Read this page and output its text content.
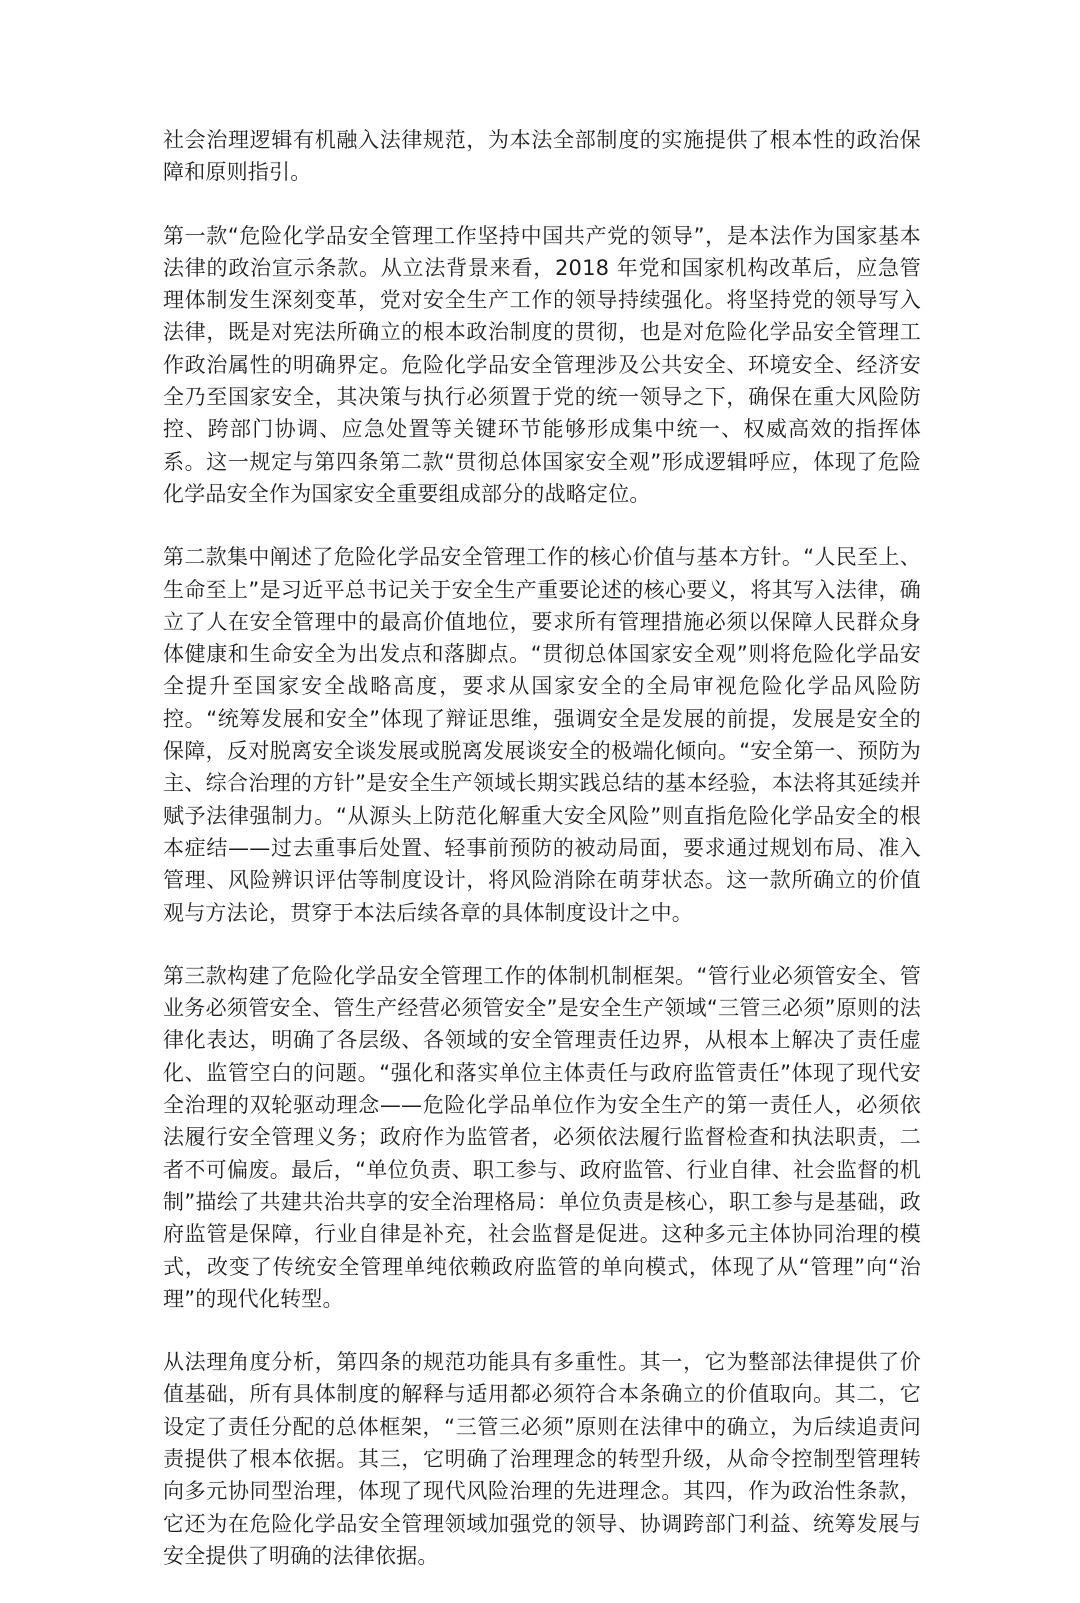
社会治理逻辑有机融入法律规范，为本法全部制度的实施提供了根本性的政治保障和原则指引。

第一款“危险化学品安全管理工作坚持中国共产党的领导”，是本法作为国家基本法律的政治宣示条款。从立法背景来看，2018 年党和国家机构改革后，应急管理体制发生深刻变革，党对安全生产工作的领导持续强化。将坚持党的领导写入法律，既是对宪法所确立的根本政治制度的贯彻，也是对危险化学品安全管理工作政治属性的明确界定。危险化学品安全管理涉及公共安全、环境安全、经济安全乃至国家安全，其决策与执行必须置于党的统一领导之下，确保在重大风险防控、跨部门协调、应急处置等关键环节能够形成集中统一、权威高效的指挥体系。这一规定与第四条第二款“贯彻总体国家安全观”形成逻辑呼应，体现了危险化学品安全作为国家安全重要组成部分的战略定位。

第二款集中阐述了危险化学品安全管理工作的核心价值与基本方针。“人民至上、生命至上”是习近平总书记关于安全生产重要论述的核心要义，将其写入法律，确立了人在安全管理中的最高价值地位，要求所有管理措施必须以保障人民群众身体健康和生命安全为出发点和落脚点。“贯彻总体国家安全观”则将危险化学品安全提升至国家安全战略高度，要求从国家安全的全局审视危险化学品风险防控。“统筹发展和安全”体现了辩证思维，强调安全是发展的前提，发展是安全的保障，反对脱离安全谈发展或脱离发展谈安全的极端化倾向。“安全第一、预防为主、综合治理的方针”是安全生产领域长期实践总结的基本经验，本法将其延续并赋予法律强制力。“从源头上防范化解重大安全风险”则直指危险化学品安全的根本症结——过去重事后处置、轻事前预防的被动局面，要求通过规划布局、准入管理、风险辨识评估等制度设计，将风险消除在萌芽状态。这一款所确立的价值观与方法论，贯穿于本法后续各章的具体制度设计之中。

第三款构建了危险化学品安全管理工作的体制机制框架。“管行业必须管安全、管业务必须管安全、管生产经营必须管安全”是安全生产领域“三管三必须”原则的法律化表达，明确了各层级、各领域的安全管理责任边界，从根本上解决了责任虚化、监管空白的问题。“强化和落实单位主体责任与政府监管责任”体现了现代安全治理的双轮驱动理念——危险化学品单位作为安全生产的第一责任人，必须依法履行安全管理义务；政府作为监管者，必须依法履行监督检查和执法职责，二者不可偏废。最后，“单位负责、职工参与、政府监管、行业自律、社会监督的机制”描绘了共建共治共享的安全治理格局：单位负责是核心，职工参与是基础，政府监管是保障，行业自律是补充，社会监督是促进。这种多元主体协同治理的模式，改变了传统安全管理单纯依赖政府监管的单向模式，体现了从“管理”向“治理”的现代化转型。

从法理角度分析，第四条的规范功能具有多重性。其一，它为整部法律提供了价值基础，所有具体制度的解释与适用都必须符合本条确立的价值取向。其二，它设定了责任分配的总体框架，“三管三必须”原则在法律中的确立，为后续追责问责提供了根本依据。其三，它明确了治理理念的转型升级，从命令控制型管理转向多元协同型治理，体现了现代风险治理的先进理念。其四，作为政治性条款，它还为在危险化学品安全管理领域加强党的领导、协调跨部门利益、统筹发展与安全提供了明确的法律依据。
